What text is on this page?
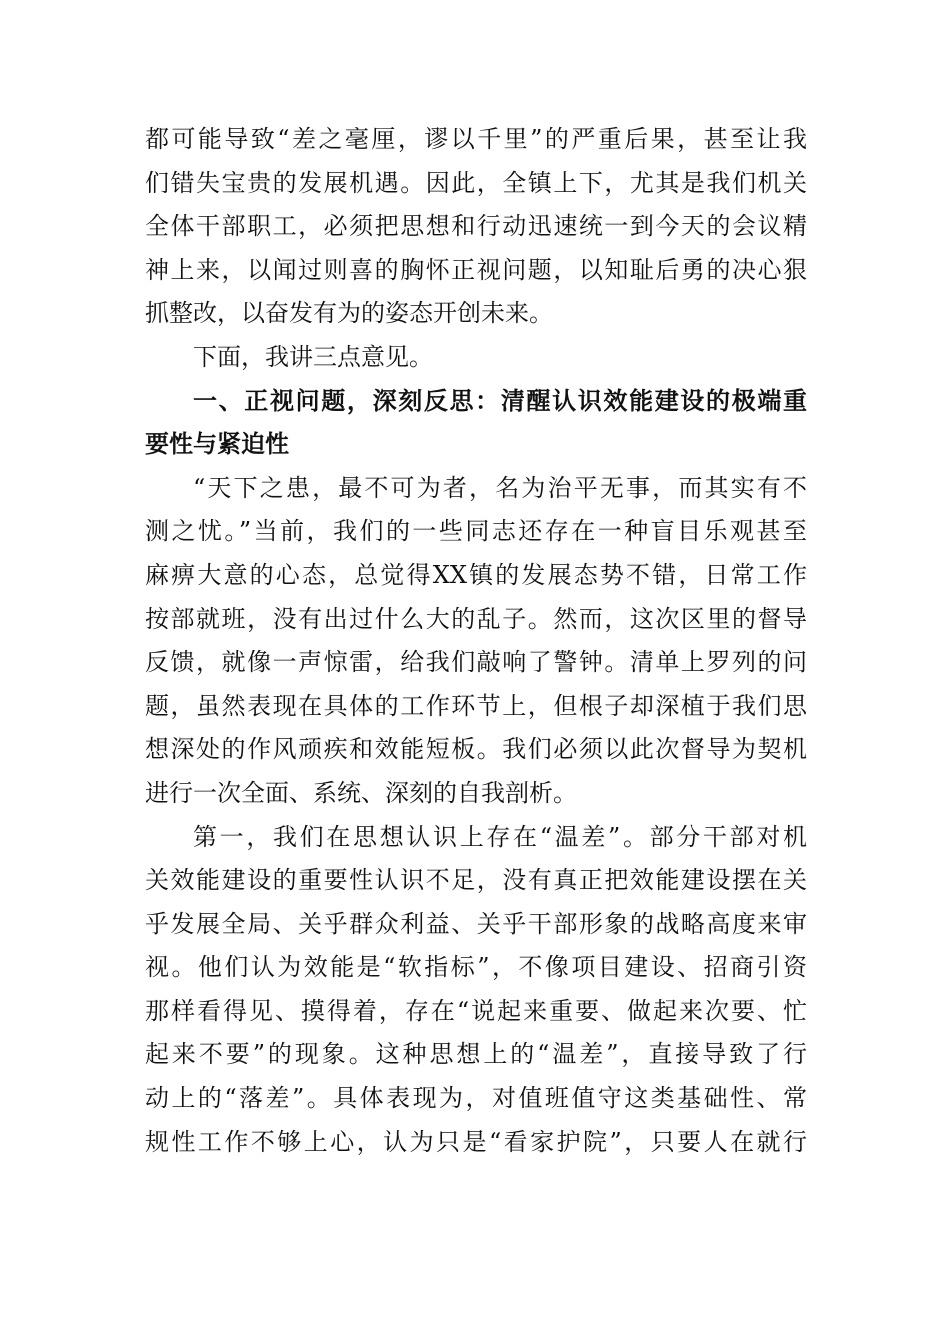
都可能导致“差之毫厘，谬以千里”的严重后果，甚至让我
们错失宝贵的发展机遇。因此，全镇上下，尤其是我们机关
全体干部职工，必须把思想和行动迅速统一到今天的会议精
神上来，以闻过则喜的胸怀正视问题，以知耻后勇的决心狠
抓整改，以奋发有为的姿态开创未来。
下面，我讲三点意见。
一、正视问题，深刻反思：清醒认识效能建设的极端重
要性与紧迫性
“天下之患，最不可为者，名为治平无事，而其实有不
测之忧。”当前，我们的一些同志还存在一种盲目乐观甚至
麻痹大意的心态，总觉得XX镇的发展态势不错，日常工作
按部就班，没有出过什么大的乱子。然而，这次区里的督导
反馈，就像一声惊雷，给我们敲响了警钟。清单上罗列的问
题，虽然表现在具体的工作环节上，但根子却深植于我们思
想深处的作风顽疾和效能短板。我们必须以此次督导为契机
进行一次全面、系统、深刻的自我剖析。
第一，我们在思想认识上存在“温差”。部分干部对机
关效能建设的重要性认识不足，没有真正把效能建设摆在关
乎发展全局、关乎群众利益、关乎干部形象的战略高度来审
视。他们认为效能是“软指标”，不像项目建设、招商引资
那样看得见、摸得着，存在“说起来重要、做起来次要、忙
起来不要”的现象。这种思想上的“温差”，直接导致了行
动上的“落差”。具体表现为，对值班值守这类基础性、常
规性工作不够上心，认为只是“看家护院”，只要人在就行
